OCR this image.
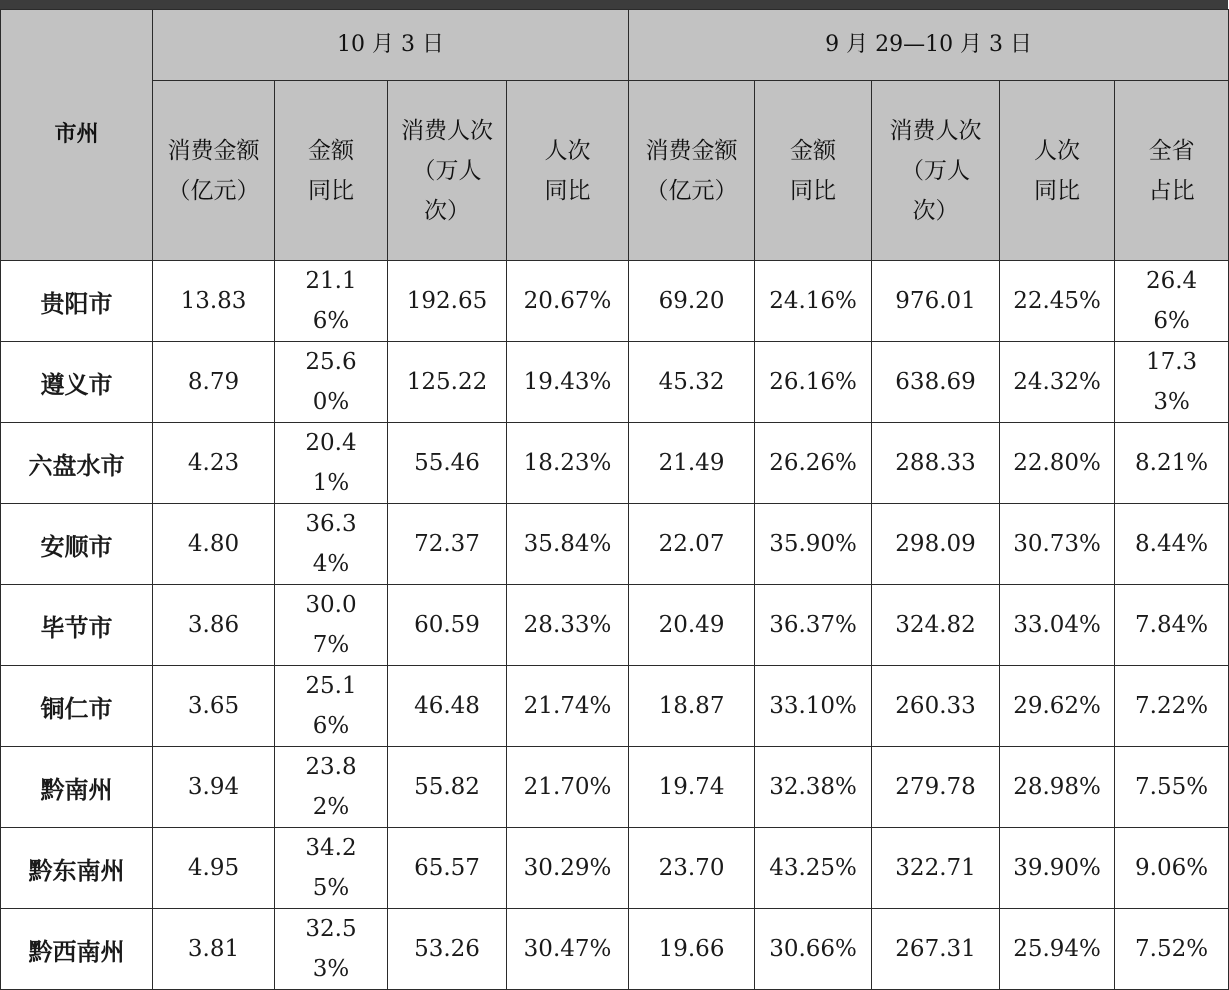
市州	10 月 3 日				9 月 29—10 月 3 日				

	消费金额（亿元）	金额同比	消费人次（万人次）	人次同比	消费金额（亿元）	金额同比	消费人次（万人次）	人次同比	全省占比

贵阳市	13.83	21.16%	192.65	20.67%	69.20	24.16%	976.01	22.45%	26.46%

遵义市	8.79	25.60%	125.22	19.43%	45.32	26.16%	638.69	24.32%	17.33%

六盘水市	4.23	20.41%	55.46	18.23%	21.49	26.26%	288.33	22.80%	8.21%
安顺市	4.80	36.34%	72.37	35.84%	22.07	35.90%	298.09	30.73%	8.44%
毕节市	3.86	30.07%	60.59	28.33%	20.49	36.37%	324.82	33.04%	7.84%
铜仁市	3.65	25.16%	46.48	21.74%	18.87	33.10%	260.33	29.62%	7.22%
黔南州	3.94	23.82%	55.82	21.70%	19.74	32.38%	279.78	28.98%	7.55%
黔东南州	4.95	34.25%	65.57	30.29%	23.70	43.25%	322.71	39.90%	9.06%
黔西南州	3.81	32.53%	53.26	30.47%	19.66	30.66%	267.31	25.94%	7.52%
